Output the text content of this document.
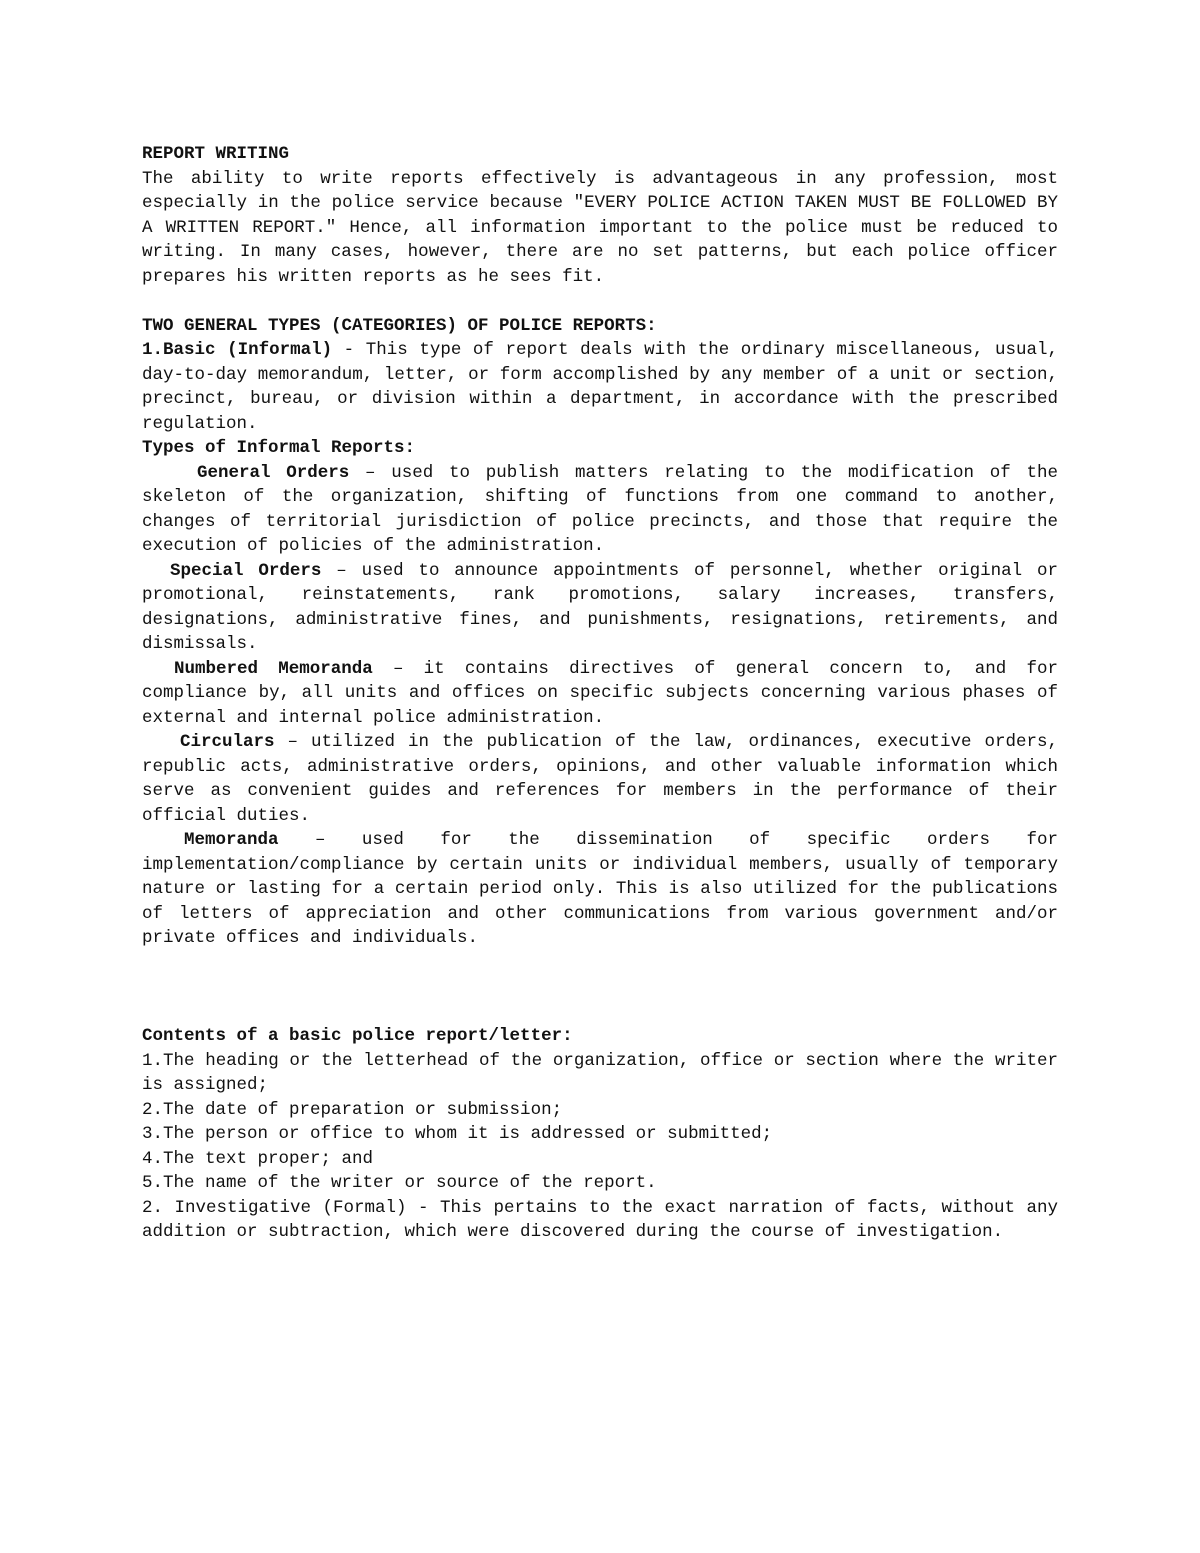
REPORT WRITING

The ability to write reports effectively is advantageous in any profession, most especially in the police service because "EVERY POLICE ACTION TAKEN MUST BE FOLLOWED BY A WRITTEN REPORT." Hence, all information important to the police must be reduced to writing. In many cases, however, there are no set patterns, but each police officer prepares his written reports as he sees fit.

TWO GENERAL TYPES (CATEGORIES) OF POLICE REPORTS:

1.Basic (Informal) - This type of report deals with the ordinary miscellaneous, usual, day-to-day memorandum, letter, or form accomplished by any member of a unit or section, precinct, bureau, or division within a department, in accordance with the prescribed regulation.

Types of Informal Reports:

General Orders – used to publish matters relating to the modification of the skeleton of the organization, shifting of functions from one command to another, changes of territorial jurisdiction of police precincts, and those that require the execution of policies of the administration.

Special Orders – used to announce appointments of personnel, whether original or promotional, reinstatements, rank promotions, salary increases, transfers, designations, administrative fines, and punishments, resignations, retirements, and dismissals.

Numbered Memoranda – it contains directives of general concern to, and for compliance by, all units and offices on specific subjects concerning various phases of external and internal police administration.

Circulars – utilized in the publication of the law, ordinances, executive orders, republic acts, administrative orders, opinions, and other valuable information which serve as convenient guides and references for members in the performance of their official duties.

Memoranda – used for the dissemination of specific orders for implementation/compliance by certain units or individual members, usually of temporary nature or lasting for a certain period only. This is also utilized for the publications of letters of appreciation and other communications from various government and/or private offices and individuals.

Contents of a basic police report/letter:

1.The heading or the letterhead of the organization, office or section where the writer is assigned;

2.The date of preparation or submission;

3.The person or office to whom it is addressed or submitted;

4.The text proper; and

5.The name of the writer or source of the report.

2. Investigative (Formal) - This pertains to the exact narration of facts, without any addition or subtraction, which were discovered during the course of investigation.
